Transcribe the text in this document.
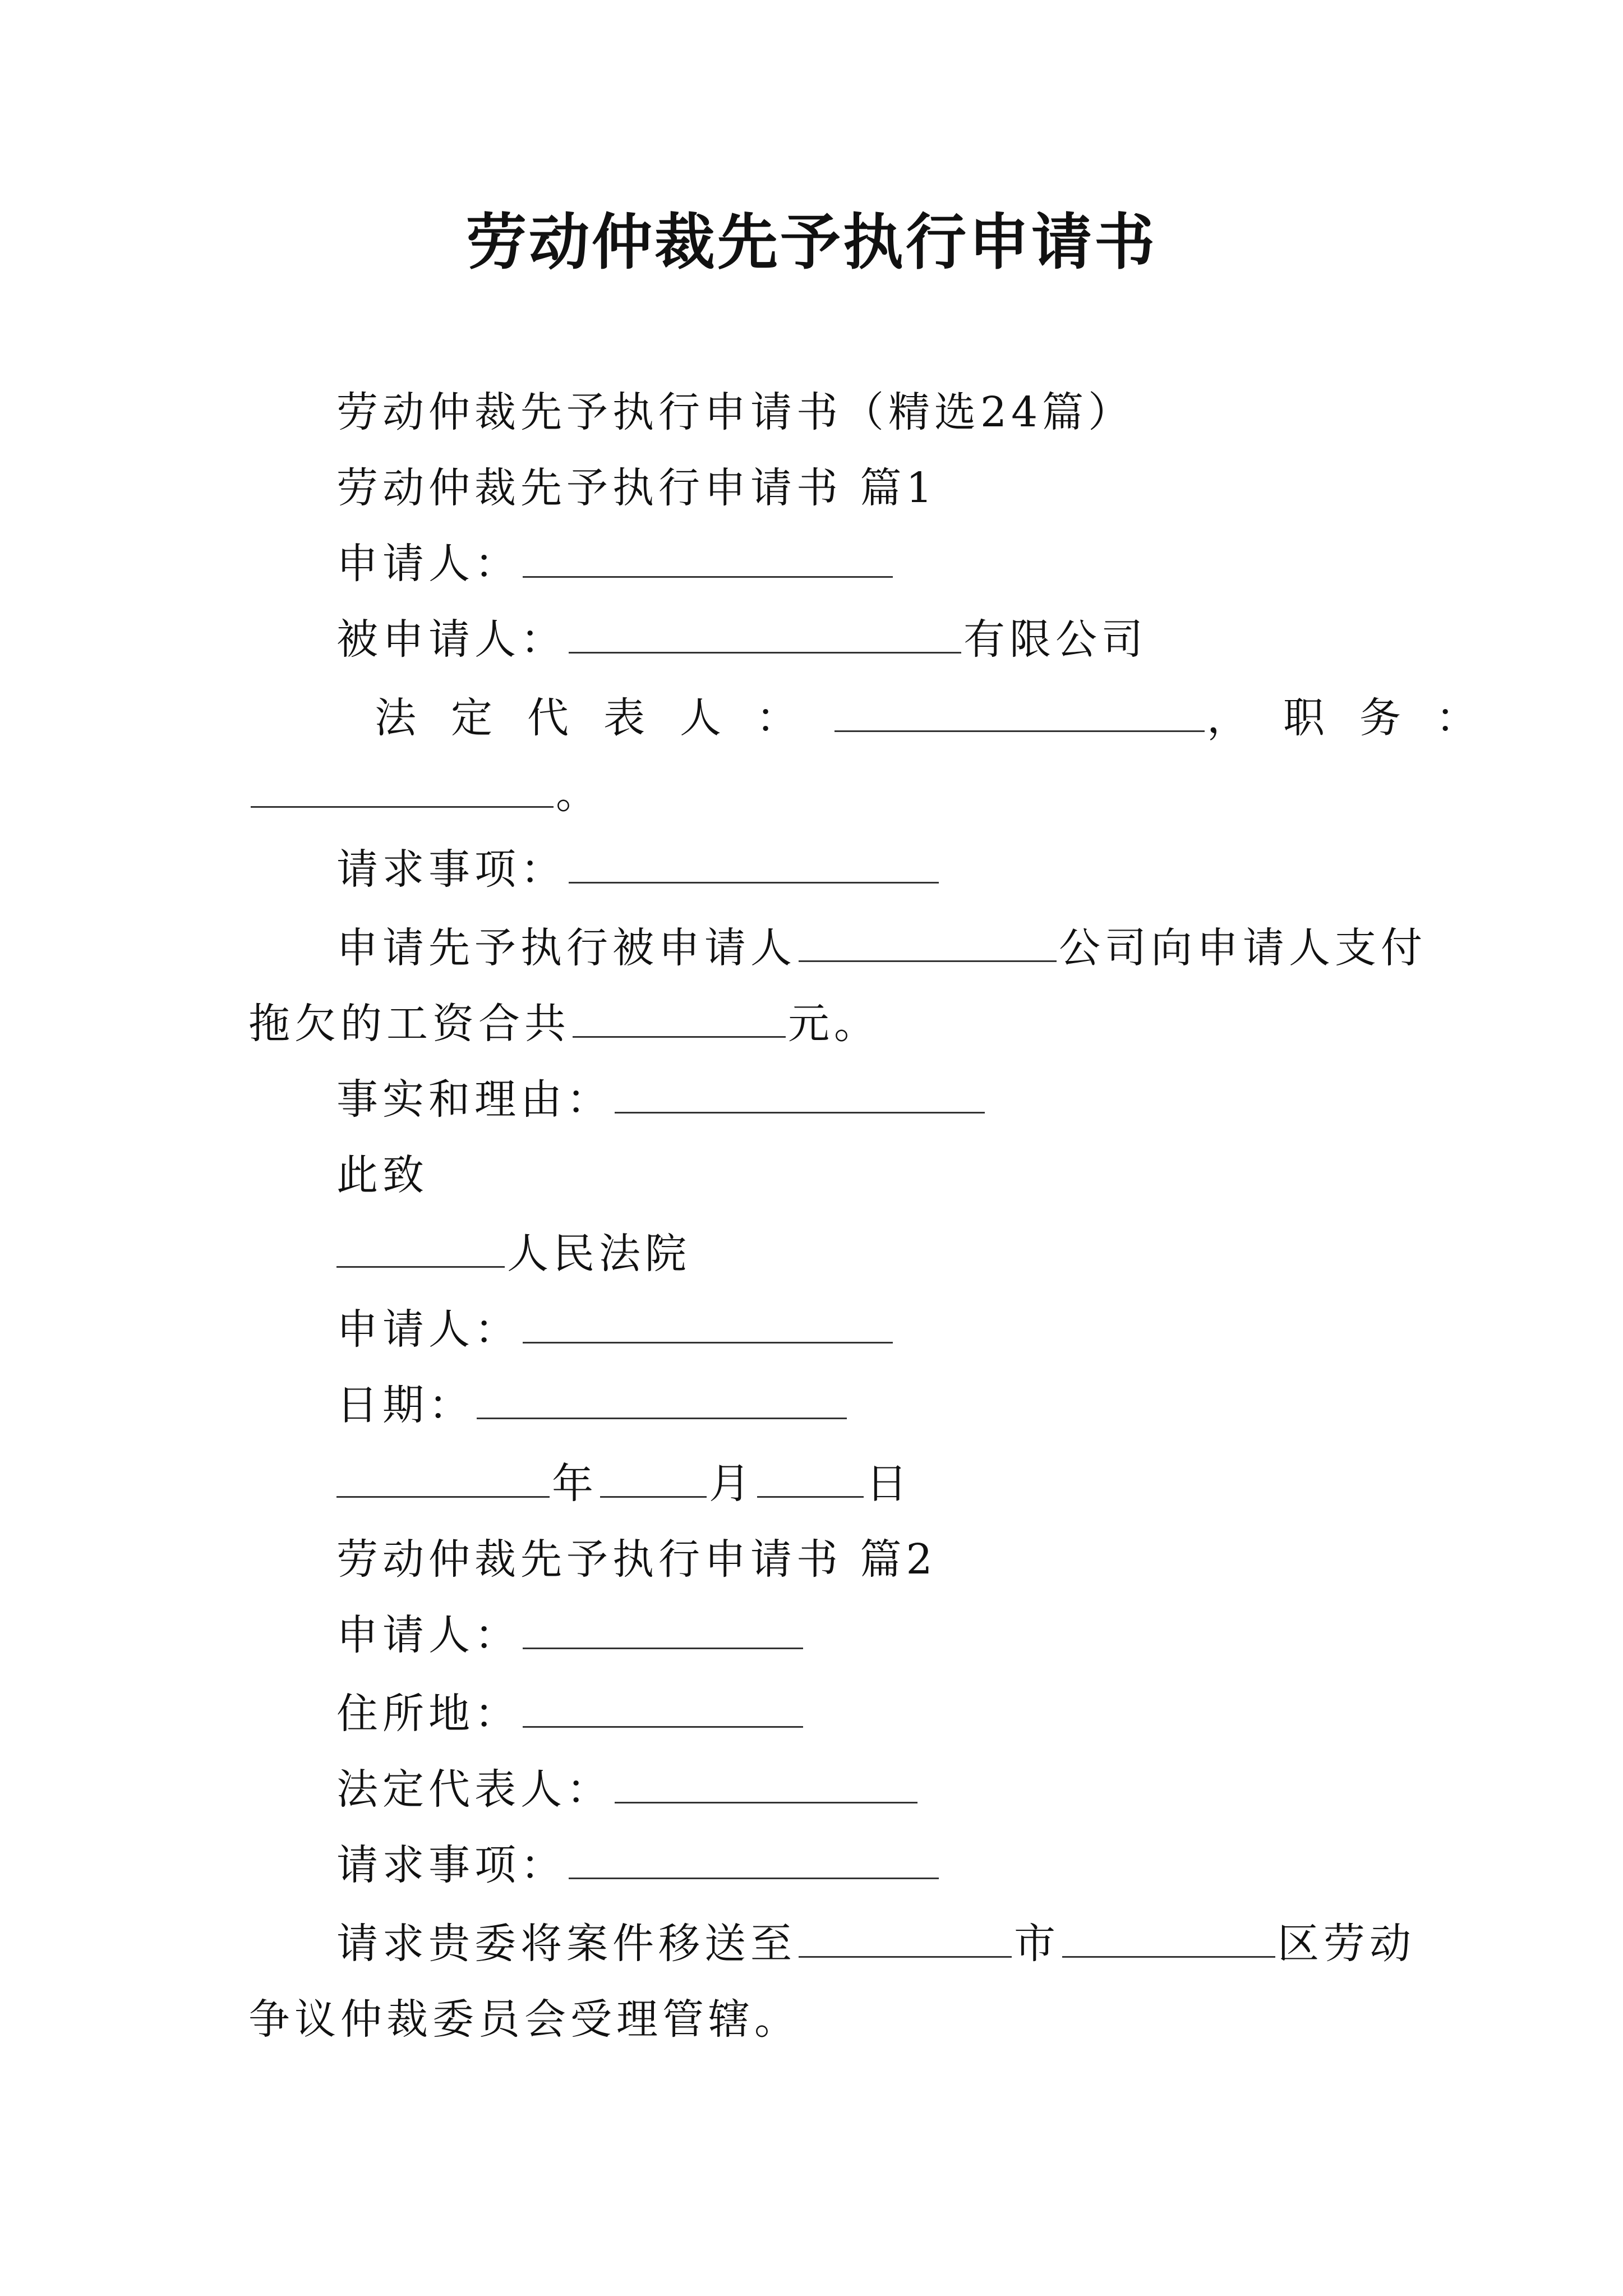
劳动仲裁先予执行申请书
劳动仲裁先予执行申请书（精选24篇）
劳动仲裁先予执行申请书 篇1
申请人：
被申请人：	有限公司
法定代表人：	，职务：
。
请求事项：
申请先予执行被申请人	公司向申请人支付
拖欠的工资合共	元。
事实和理由：
此致
人民法院
申请人：
日期：
年	月	日
劳动仲裁先予执行申请书 篇2
申请人：
住所地：
法定代表人：
请求事项：
请求贵委将案件移送至	市	区劳动
争议仲裁委员会受理管辖。
